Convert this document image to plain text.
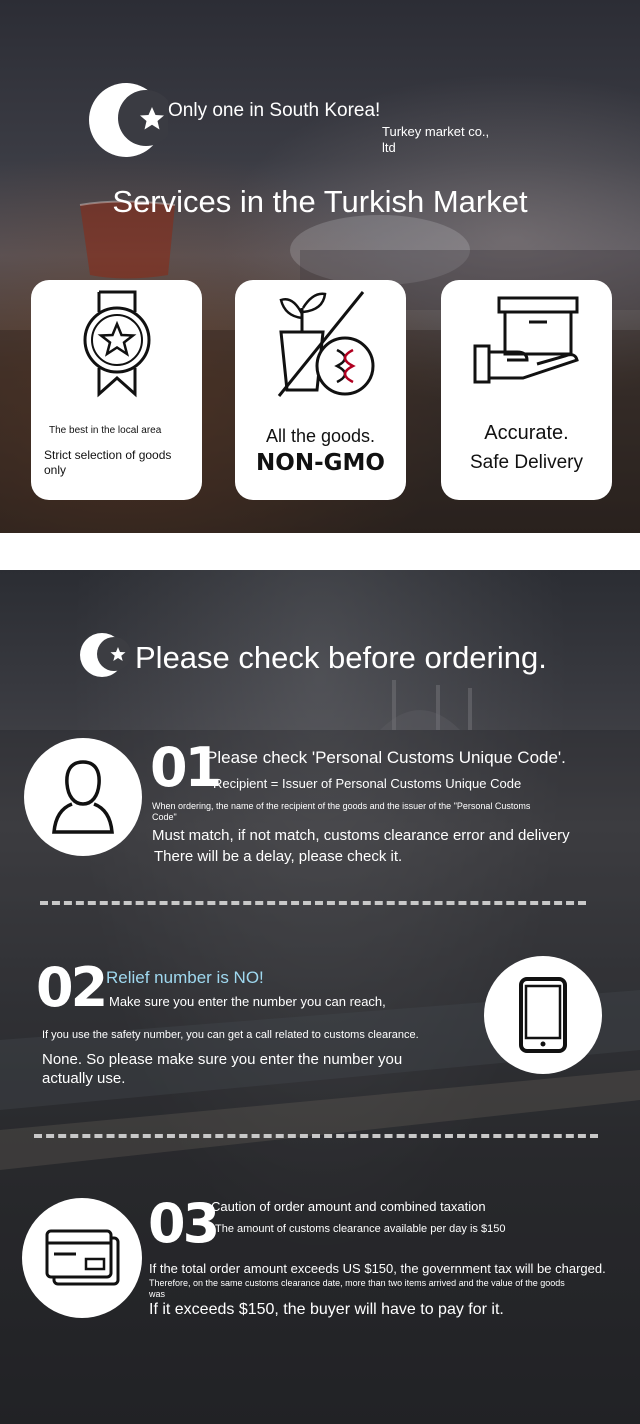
Only one in South Korea!
Turkey market co.,
ltd
Services in the Turkish Market
The best in the local area
Strict selection of goods only
All the goods.
NON-GMO
Accurate.
Safe Delivery
Please check before ordering.
01
Please check 'Personal Customs Unique Code'.
Recipient = Issuer of Personal Customs Unique Code
When ordering, the name of the recipient of the goods and the issuer of the "Personal Customs Code"
Must match, if not match, customs clearance error and delivery
There will be a delay, please check it.
02 Relief number is NO!
Make sure you enter the number you can reach,
If you use the safety number, you can get a call related to customs clearance.
None. So please make sure you enter the number you
actually use.
03
Caution of order amount and combined taxation
The amount of customs clearance available per day is $150
If the total order amount exceeds US $150, the government tax will be charged.
Therefore, on the same customs clearance date, more than two items arrived and the value of the goods was
If it exceeds $150, the buyer will have to pay for it.
